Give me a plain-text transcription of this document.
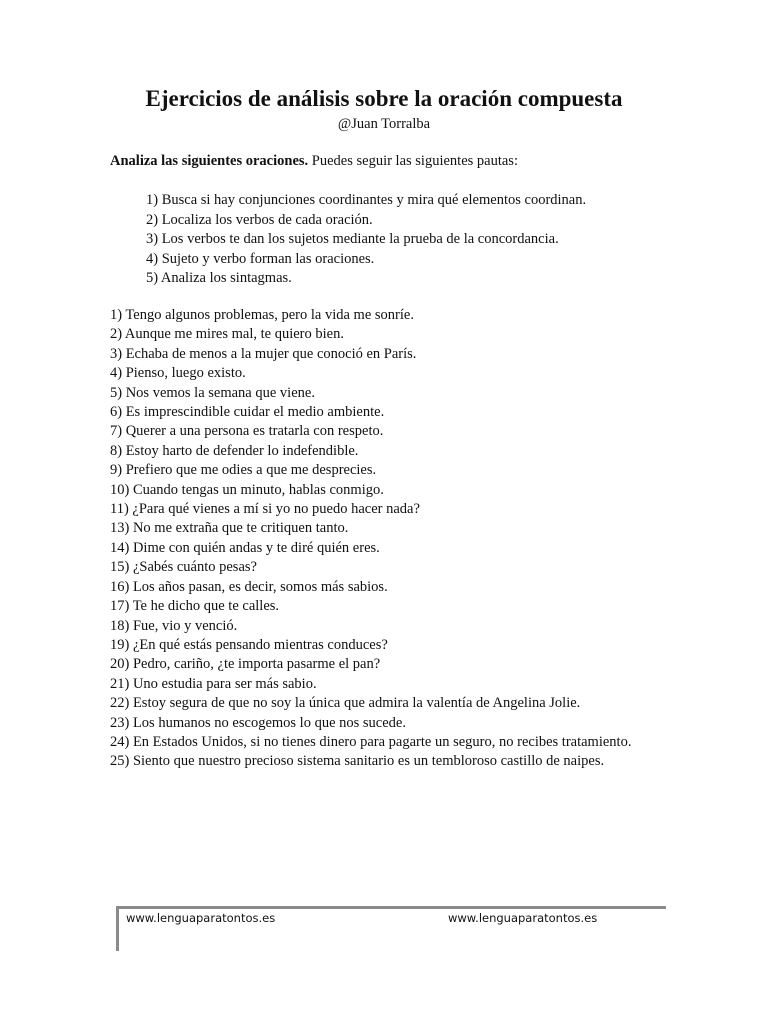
Ejercicios de análisis sobre la oración compuesta
@Juan Torralba
Analiza las siguientes oraciones. Puedes seguir las siguientes pautas:
1) Busca si hay conjunciones coordinantes y mira qué elementos coordinan.
2) Localiza los verbos de cada oración.
3) Los verbos te dan los sujetos mediante la prueba de la concordancia.
4) Sujeto y verbo forman las oraciones.
5) Analiza los sintagmas.
1) Tengo algunos problemas, pero la vida me sonríe.
2) Aunque me mires mal, te quiero bien.
3) Echaba de menos a la mujer que conoció en París.
4) Pienso, luego existo.
5) Nos vemos la semana que viene.
6) Es imprescindible cuidar el medio ambiente.
7) Querer a una persona es tratarla con respeto.
8) Estoy harto de defender lo indefendible.
9) Prefiero que me odies a que me desprecies.
10) Cuando tengas un minuto, hablas conmigo.
11) ¿Para qué vienes a mí si yo no puedo hacer nada?
13) No me extraña que te critiquen tanto.
14) Dime con quién andas y te diré quién eres.
15) ¿Sabés cuánto pesas?
16) Los años pasan, es decir, somos más sabios.
17) Te he dicho que te calles.
18) Fue, vio y venció.
19) ¿En qué estás pensando mientras conduces?
20) Pedro, cariño, ¿te importa pasarme el pan?
21) Uno estudia para ser más sabio.
22) Estoy segura de que no soy la única que admira la valentía de Angelina Jolie.
23) Los humanos no escogemos lo que nos sucede.
24) En Estados Unidos, si no tienes dinero para pagarte un seguro, no recibes tratamiento.
25) Siento que nuestro precioso sistema sanitario es un tembloroso castillo de naipes.
www.lenguaparatontos.es	www.lenguaparatontos.es
